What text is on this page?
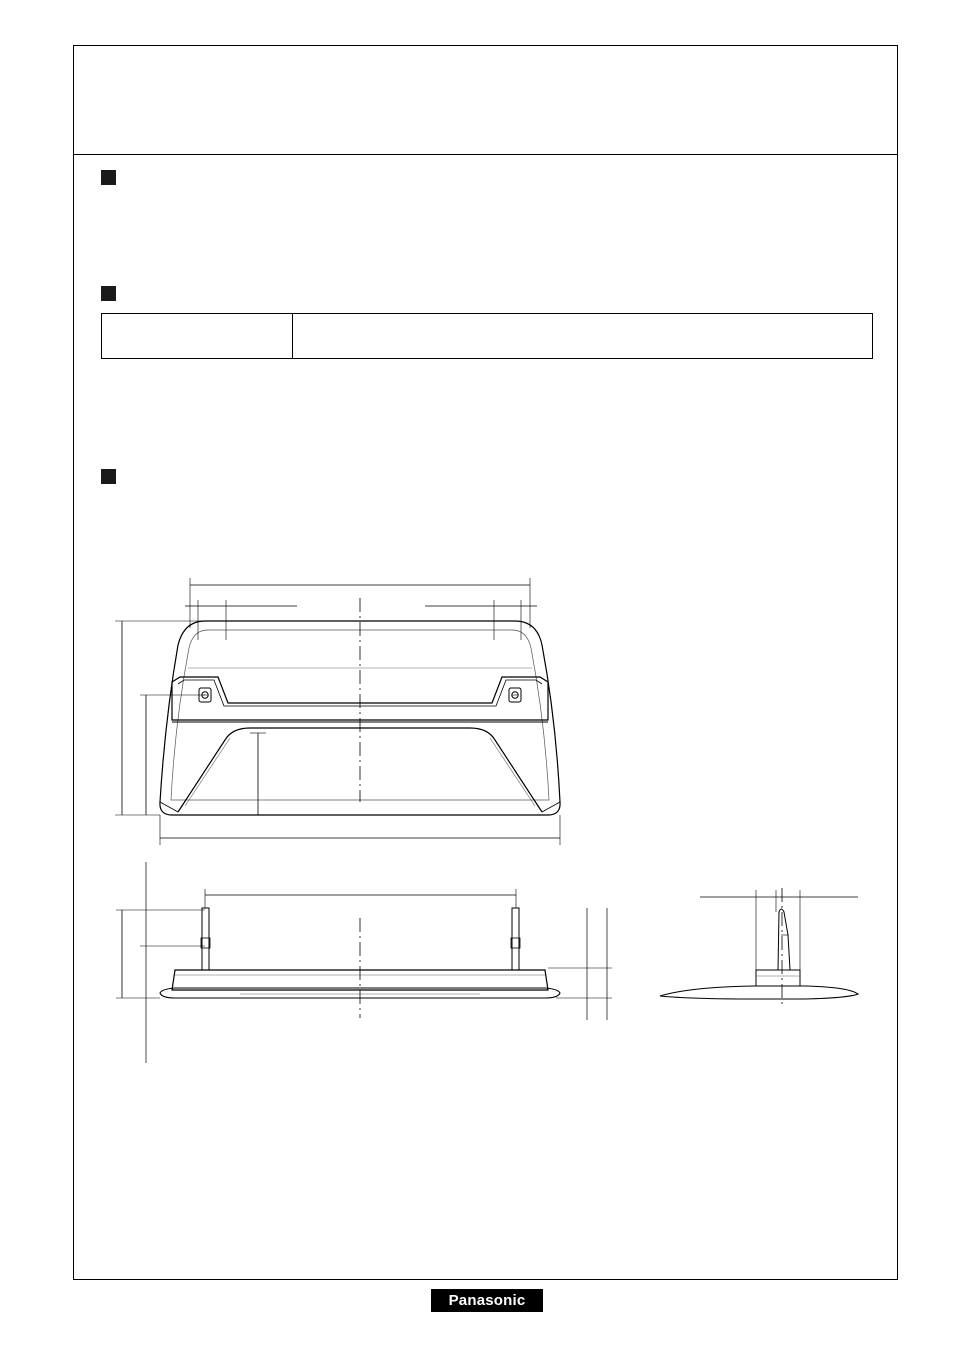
Panasonic
